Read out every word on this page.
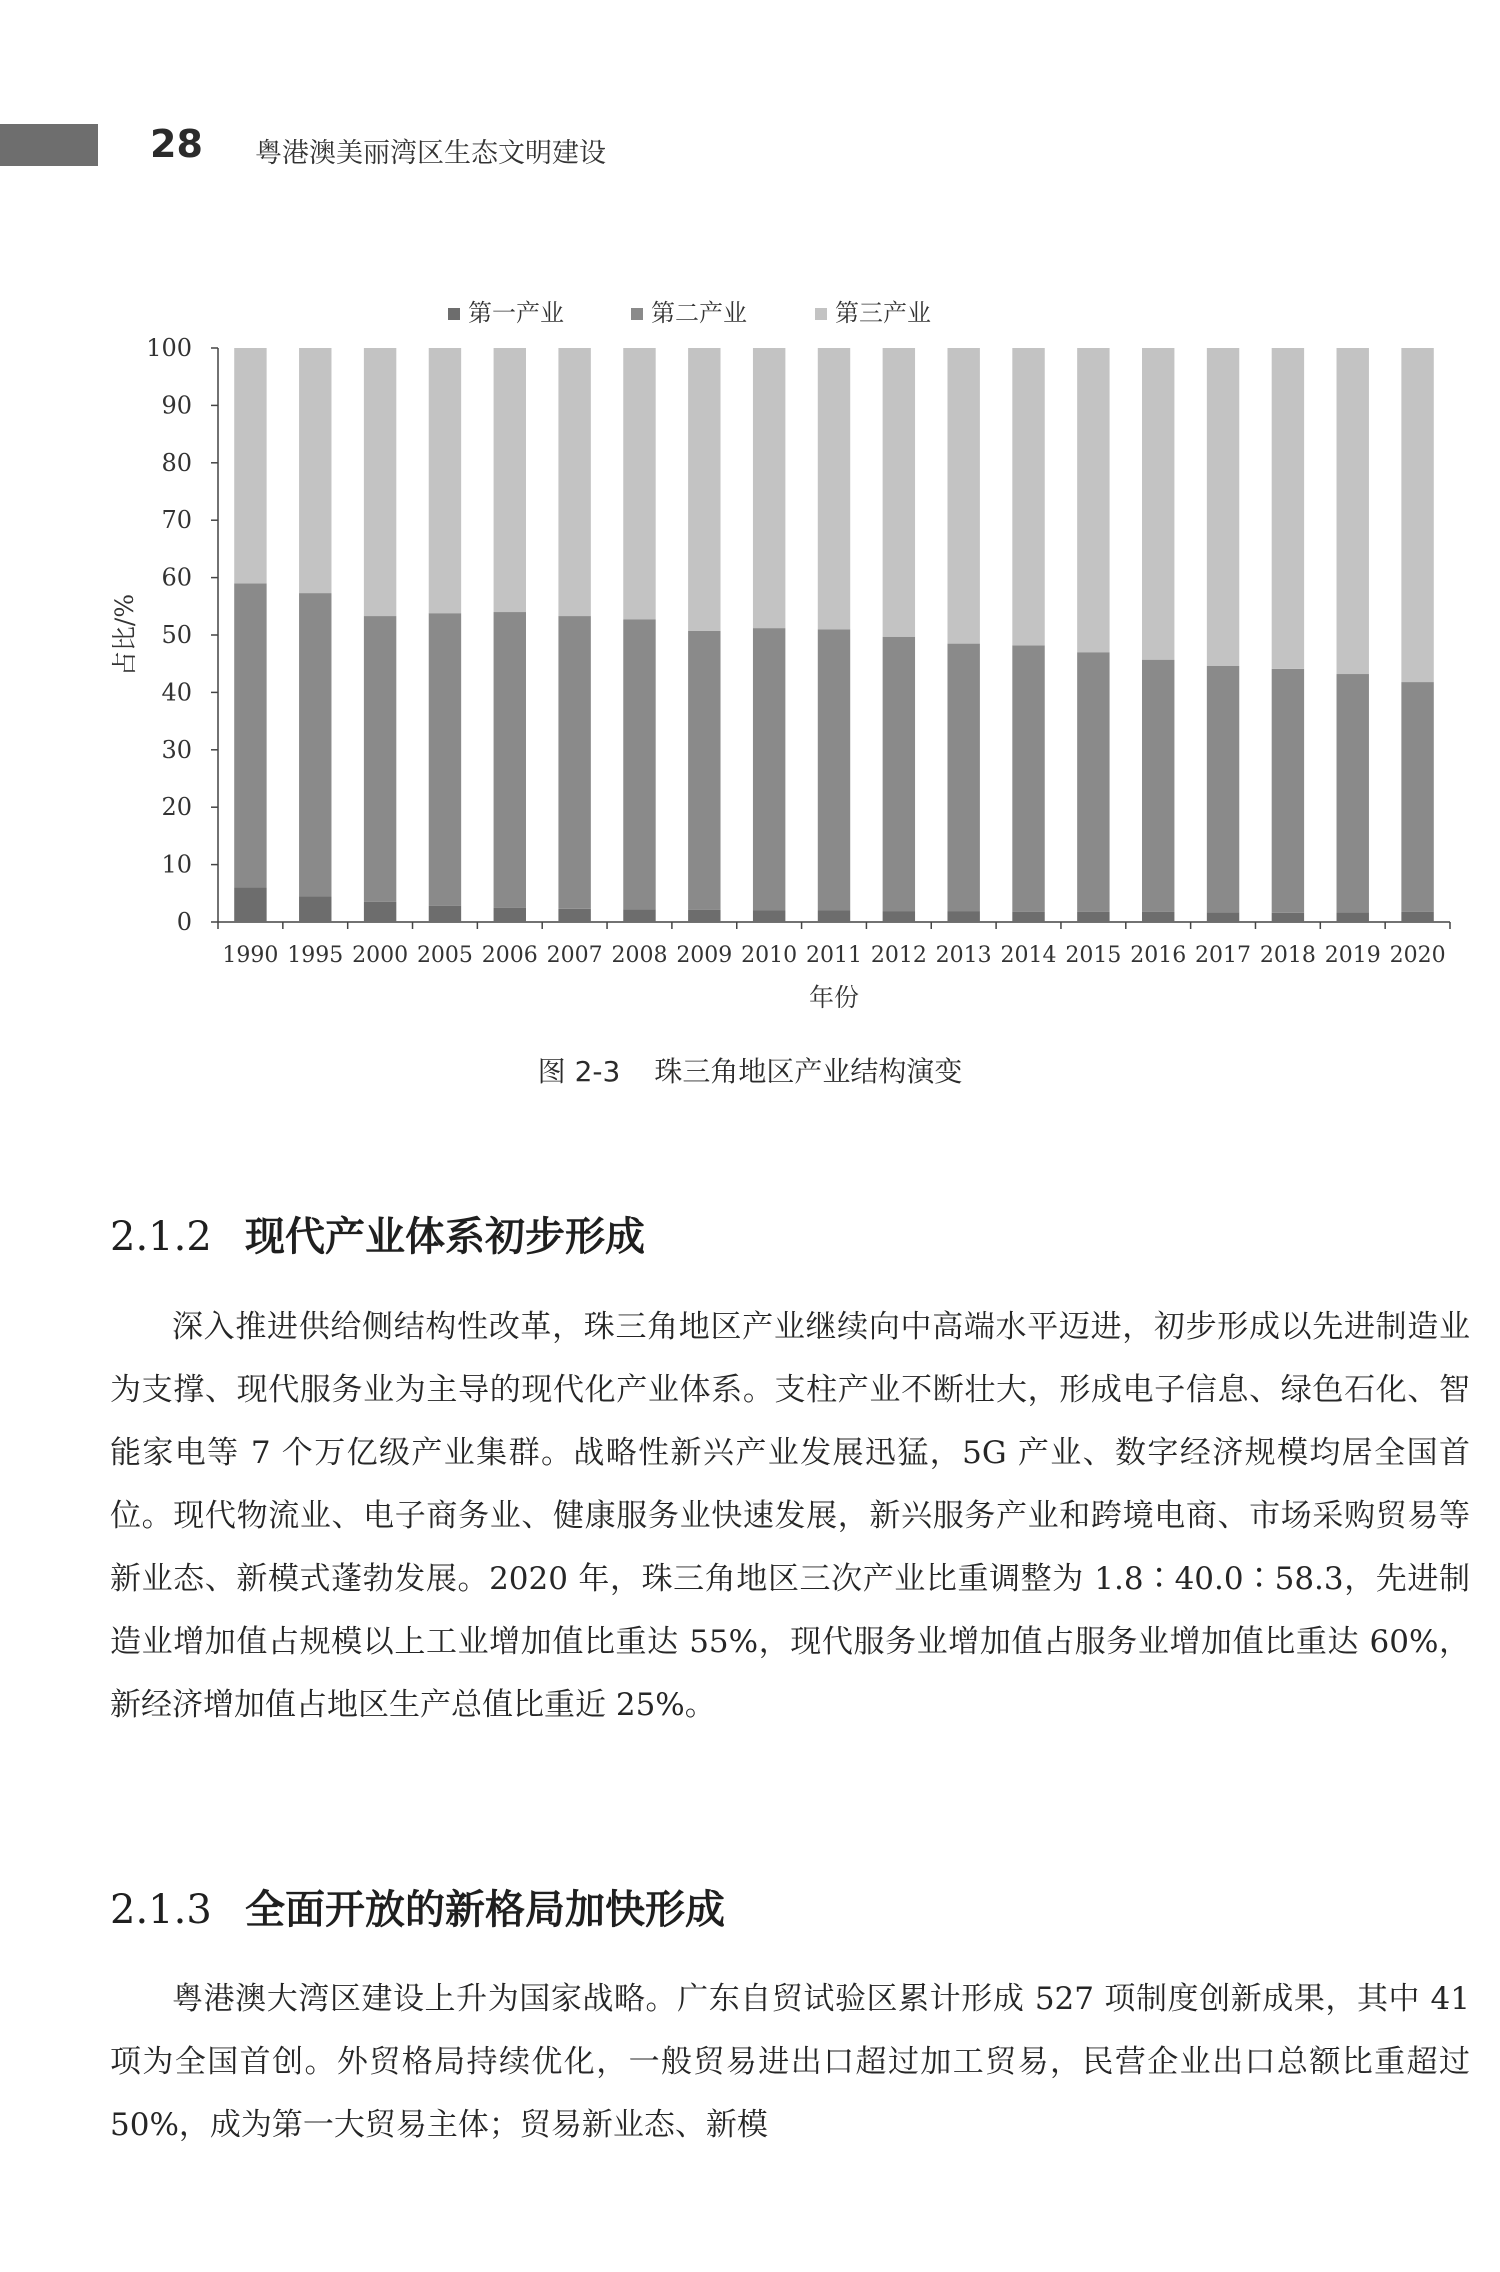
28 粤港澳美丽湾区生态文明建设
第一产业	第二产业	第三产业
0
10
20
30
40
50
60
70
80
90
100
占比/%
1990 1995 2000 2005 2006 2007 2008 2009 2010 2011 2012 2013 2014 2015 2016 2017 2018 2019 2020
年份
图 2-3 珠三角地区产业结构演变
2.1.2 现代产业体系初步形成

深入推进供给侧结构性改革，珠三角地区产业继续向中高端水平迈进，初步形成以先进制造业为支撑、现代服务业为主导的现代化产业体系。支柱产业不断壮大，形成电子信息、绿色石化、智能家电等 7 个万亿级产业集群。战略性新兴产业发展迅猛，5G 产业、数字经济规模均居全国首位。现代物流业、电子商务业、健康服务业快速发展，新兴服务产业和跨境电商、市场采购贸易等新业态、新模式蓬勃发展。2020 年，珠三角地区三次产业比重调整为 1.8∶40.0∶58.3，先进制造业增加值占规模以上工业增加值比重达 55%，现代服务业增加值占服务业增加值比重达 60%，新经济增加值占地区生产总值比重近 25%。

2.1.3 全面开放的新格局加快形成

粤港澳大湾区建设上升为国家战略。广东自贸试验区累计形成 527 项制度创新成果，其中 41 项为全国首创。外贸格局持续优化，一般贸易进出口超过加工贸易，民营企业出口总额比重超过 50%，成为第一大贸易主体；贸易新业态、新模
